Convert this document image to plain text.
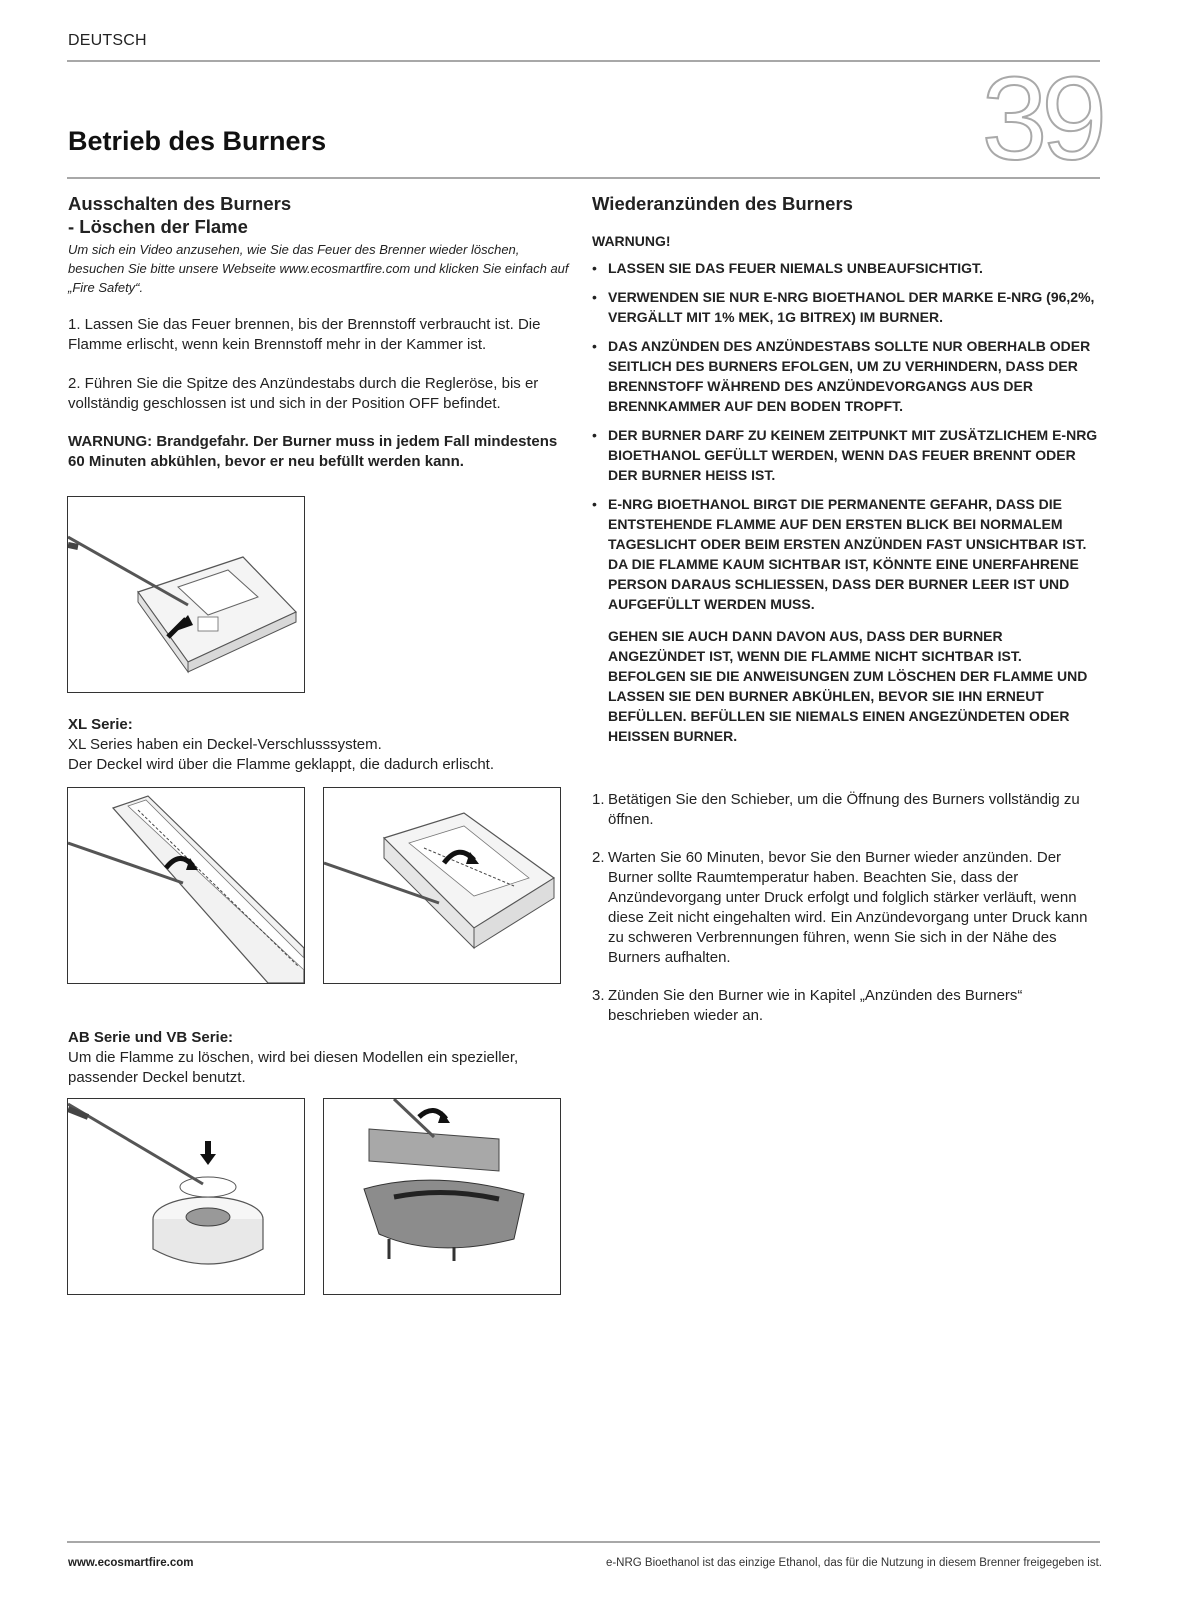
DEUTSCH
39
Betrieb des Burners
Ausschalten des Burners
- Löschen der Flame

Um sich ein Video anzusehen, wie Sie das Feuer des Brenner wieder löschen, besuchen Sie bitte unsere Webseite www.ecosmartfire.com und klicken Sie einfach auf „Fire Safety“.

1. Lassen Sie das Feuer brennen, bis der Brennstoff verbraucht ist. Die Flamme erlischt, wenn kein Brennstoff mehr in der Kammer ist.

2. Führen Sie die Spitze des Anzündestabs durch die Regleröse, bis er vollständig geschlossen ist und sich in der Position OFF befindet.

WARNUNG: Brandgefahr. Der Burner muss in jedem Fall mindestens 60 Minuten abkühlen, bevor er neu befüllt werden kann.

XL Serie:

XL Series haben ein Deckel-Verschlusssystem.

Der Deckel wird über die Flamme geklappt, die dadurch erlischt.

AB Serie und VB Serie:

Um die Flamme zu löschen, wird bei diesen Modellen ein spezieller, passender Deckel benutzt.

Wiederanzünden des Burners

WARNUNG!

• LASSEN SIE DAS FEUER NIEMALS UNBEAUFSICHTIGT.
• VERWENDEN SIE NUR E-NRG BIOETHANOL DER MARKE E-NRG (96,2%, VERGÄLLT MIT 1% MEK, 1G BITREX) IM BURNER.
• DAS ANZÜNDEN DES ANZÜNDESTABS SOLLTE NUR OBERHALB ODER SEITLICH DES BURNERS EFOLGEN, UM ZU VERHINDERN, DASS DER BRENNSTOFF WÄHREND DES ANZÜNDEVORGANGS AUS DER BRENNKAMMER AUF DEN BODEN TROPFT.
• DER BURNER DARF ZU KEINEM ZEITPUNKT MIT ZUSÄTZLICHEM E-NRG BIOETHANOL GEFÜLLT WERDEN, WENN DAS FEUER BRENNT ODER DER BURNER HEISS IST.
• E-NRG BIOETHANOL BIRGT DIE PERMANENTE GEFAHR, DASS DIE ENTSTEHENDE FLAMME AUF DEN ERSTEN BLICK BEI NORMALEM TAGESLICHT ODER BEIM ERSTEN ANZÜNDEN FAST UNSICHTBAR IST. DA DIE FLAMME KAUM SICHTBAR IST, KÖNNTE EINE UNERFAHRENE PERSON DARAUS SCHLIESSEN, DASS DER BURNER LEER IST UND AUFGEFÜLLT WERDEN MUSS.

GEHEN SIE AUCH DANN DAVON AUS, DASS DER BURNER ANGEZÜNDET IST, WENN DIE FLAMME NICHT SICHTBAR IST. BEFOLGEN SIE DIE ANWEISUNGEN ZUM LÖSCHEN DER FLAMME UND LASSEN SIE DEN BURNER ABKÜHLEN, BEVOR SIE IHN ERNEUT BEFÜLLEN. BEFÜLLEN SIE NIEMALS EINEN ANGEZÜNDETEN ODER HEISSEN BURNER.

1. Betätigen Sie den Schieber, um die Öffnung des Burners vollständig zu öffnen.
2. Warten Sie 60 Minuten, bevor Sie den Burner wieder anzünden. Der Burner sollte Raumtemperatur haben. Beachten Sie, dass der Anzündevorgang unter Druck erfolgt und folglich stärker verläuft, wenn diese Zeit nicht eingehalten wird. Ein Anzündevorgang unter Druck kann zu schweren Verbrennungen führen, wenn Sie sich in der Nähe des Burners aufhalten.
3. Zünden Sie den Burner wie in Kapitel „Anzünden des Burners“ beschrieben wieder an.
www.ecosmartfire.com	e-NRG Bioethanol ist das einzige Ethanol, das für die Nutzung in diesem Brenner freigegeben ist.
